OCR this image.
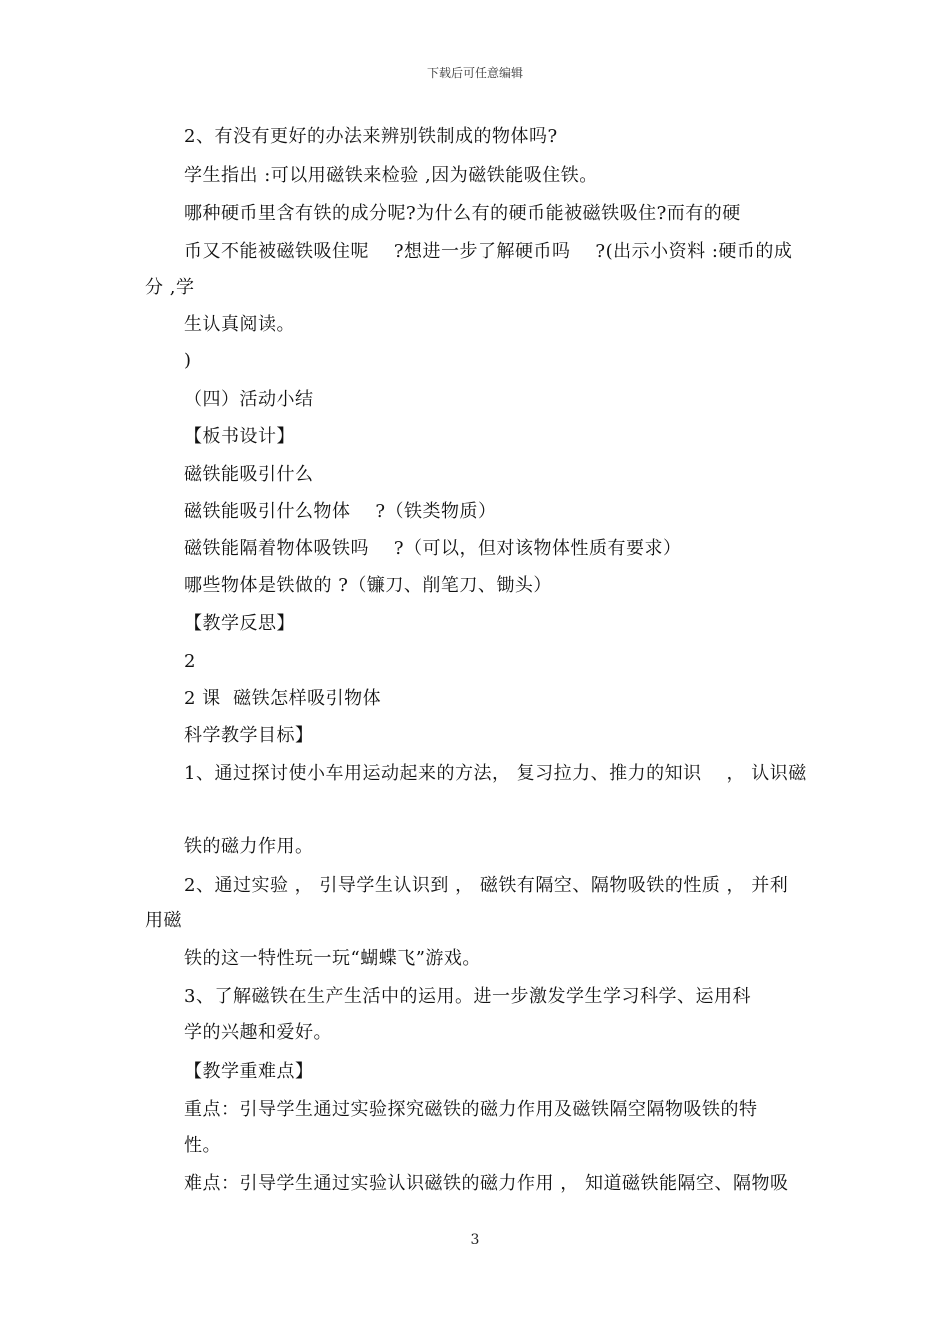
下载后可任意编辑
2、有没有更好的办法来辨别铁制成的物体吗?
学生指出 :可以用磁铁来检验 ,因为磁铁能吸住铁。
哪种硬币里含有铁的成分呢?为什么有的硬币能被磁铁吸住?而有的硬
币又不能被磁铁吸住呢    ?想进一步了解硬币吗    ?(出示小资料 :硬币的成
分 ,学
生认真阅读。
)
（四）活动小结
【板书设计】
磁铁能吸引什么
磁铁能吸引什么物体    ?（铁类物质）
磁铁能隔着物体吸铁吗    ?（可以，但对该物体性质有要求）
哪些物体是铁做的 ?（镰刀、削笔刀、锄头）
【教学反思】
2
2 课  磁铁怎样吸引物体
科学教学目标】
1、通过探讨使小车用运动起来的方法， 复习拉力、推力的知识    ， 认识磁
铁的磁力作用。
2、通过实验 ， 引导学生认识到 ， 磁铁有隔空、隔物吸铁的性质 ， 并利
用磁
铁的这一特性玩一玩“蝴蝶飞”游戏。
3、了解磁铁在生产生活中的运用。进一步激发学生学习科学、运用科
学的兴趣和爱好。
【教学重难点】
重点：引导学生通过实验探究磁铁的磁力作用及磁铁隔空隔物吸铁的特
性。
难点：引导学生通过实验认识磁铁的磁力作用 ， 知道磁铁能隔空、隔物吸
3
